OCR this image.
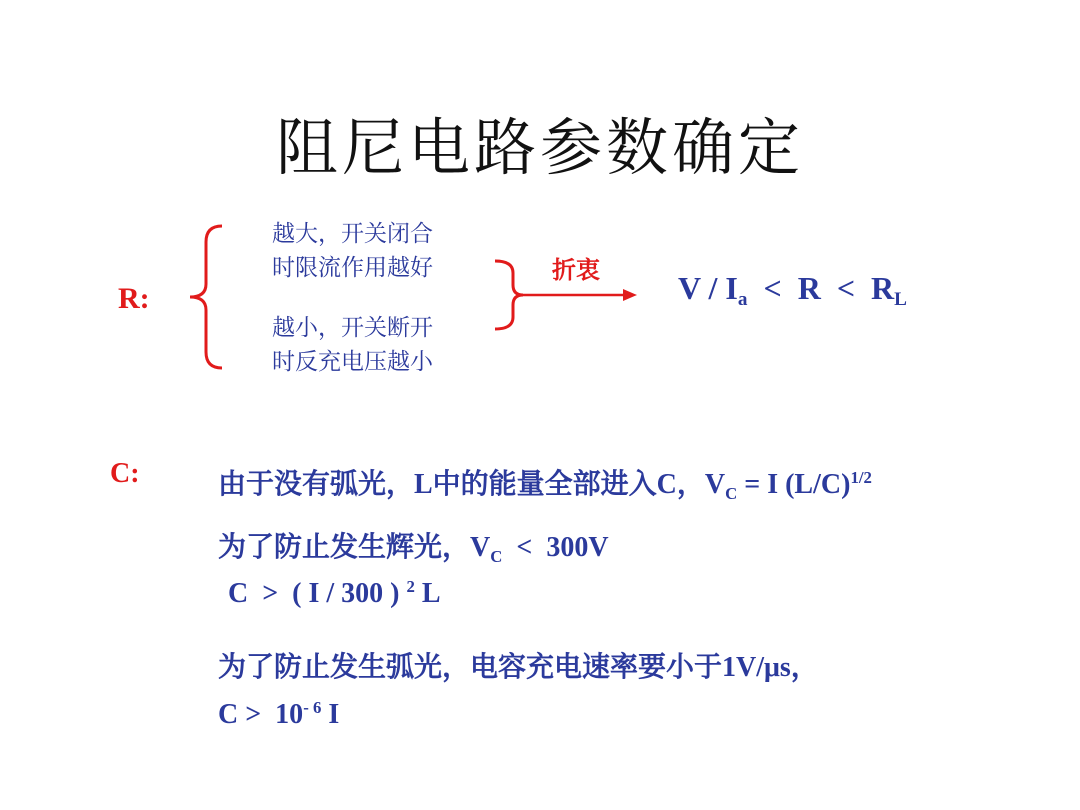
阻尼电路参数确定
R:
越大，开关闭合
时限流作用越好
越小，开关断开
时反充电压越小
折衷 $V / I_a < R < R_L$
C:	由于没有弧光，L中的能量全部进入C，$V_C = I$ $(L/C)^{1/2}$
为了防止发生辉光，$V_C < 300V$
C  >  ( I / 300 ) $^2$ L
为了防止发生弧光，电容充电速率要小于1V/μs，
$C > 10^{- 6}$ I
